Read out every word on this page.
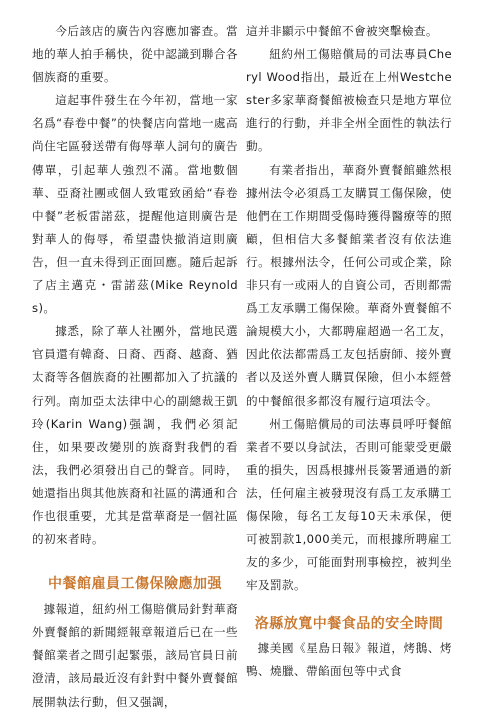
今后該店的廣告內容應加審查。當地的華人拍手稱快，從中認識到聯合各個族裔的重要。

這起事件發生在今年初，當地一家名爲“春卷中餐”的快餐店向當地一處高尚住宅區發送帶有侮辱華人詞句的廣告傳單，引起華人強烈不滿。當地數個華、亞裔社團或個人致電致函給“春卷中餐”老板雷諾茲，提醒他這則廣告是對華人的侮辱，希望盡快撤消這則廣告，但一直未得到正面回應。隨后起訴了店主邁克・雷諾茲(Mike Reynolds)。

據悉，除了華人社團外，當地民選官員還有韓裔、日裔、西裔、越裔、猶太裔等各個族裔的社團都加入了抗議的行列。南加亞太法律中心的副總裁王凱玲(Karin Wang)强調，我們必須記住，如果要改變別的族裔對我們的看法，我們必須發出自己的聲音。同時，她還指出與其他族裔和社區的溝通和合作也很重要，尤其是當華裔是一個社區的初來者時。

中餐館雇員工傷保險應加强

據報道，紐約州工傷賠償局針對華裔外賣餐館的新聞經報章報道后已在一些餐館業者之間引起緊張，該局官員日前澄清，該局最近沒有針對中餐外賣餐館展開執法行動，但又强調，

這并非顯示中餐館不會被突擊檢查。

紐約州工傷賠償局的司法專員Cheryl Wood指出，最近在上州Westchester多家華裔餐館被檢查只是地方單位進行的行動，并非全州全面性的執法行動。

有業者指出，華裔外賣餐館雖然根據州法令必須爲工友購買工傷保險，使他們在工作期間受傷時獲得醫療等的照顧，但相信大多餐館業者沒有依法進行。根據州法令，任何公司或企業，除非只有一或兩人的自資公司，否則都需爲工友承購工傷保險。華裔外賣餐館不論規模大小，大都聘雇超過一名工友，因此依法都需爲工友包括廚師、接外賣者以及送外賣人購買保險，但小本經營的中餐館很多都沒有履行這項法令。

州工傷賠償局的司法專員呼吁餐館業者不要以身試法，否則可能蒙受更嚴重的損失，因爲根據州長簽署通過的新法，任何雇主被發現沒有爲工友承購工傷保險，每名工友每10天未承保，便可被罰款1,000美元，而根據所聘雇工友的多少，可能面對刑事檢控，被判坐牢及罰款。

洛縣放寬中餐食品的安全時間

據美國《星島日報》報道，烤鵝、烤鴨、燒臘、帶餡面包等中式食
